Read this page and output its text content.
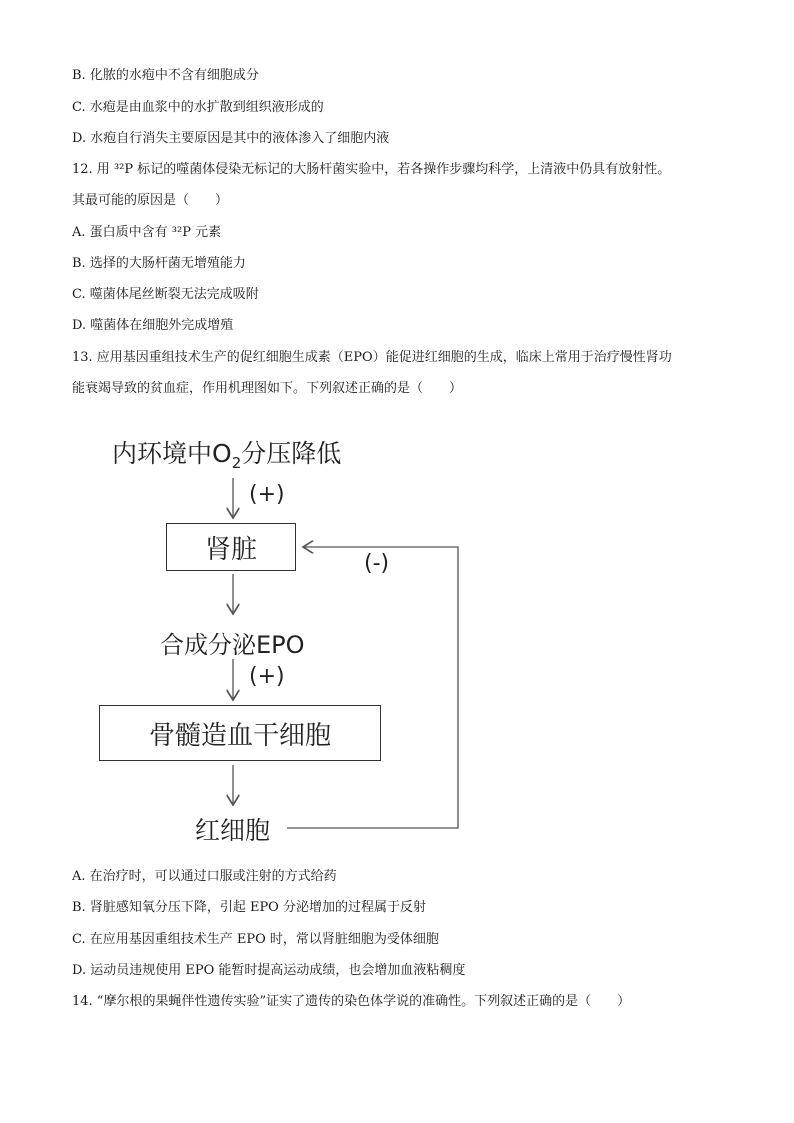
B. 化脓的水疱中不含有细胞成分
C. 水疱是由血浆中的水扩散到组织液形成的
D. 水疱自行消失主要原因是其中的液体渗入了细胞内液
12. 用 ³²P 标记的噬菌体侵染无标记的大肠杆菌实验中，若各操作步骤均科学，上清液中仍具有放射性。
其最可能的原因是（　　）
A. 蛋白质中含有 ³²P 元素
B. 选择的大肠杆菌无增殖能力
C. 噬菌体尾丝断裂无法完成吸附
D. 噬菌体在细胞外完成增殖
13. 应用基因重组技术生产的促红细胞生成素（EPO）能促进红细胞的生成，临床上常用于治疗慢性肾功
能衰竭导致的贫血症，作用机理图如下。下列叙述正确的是（　　）
内环境中$O_2$分压降低
(+)
肾脏	(-)
合成分泌EPO
(+)
骨髓造血干细胞
红细胞
A. 在治疗时，可以通过口服或注射的方式给药
B. 肾脏感知氧分压下降，引起 EPO 分泌增加的过程属于反射
C. 在应用基因重组技术生产 EPO 时，常以肾脏细胞为受体细胞
D. 运动员违规使用 EPO 能暂时提高运动成绩，也会增加血液粘稠度
14. “摩尔根的果蝇伴性遗传实验”证实了遗传的染色体学说的准确性。下列叙述正确的是（　　）
